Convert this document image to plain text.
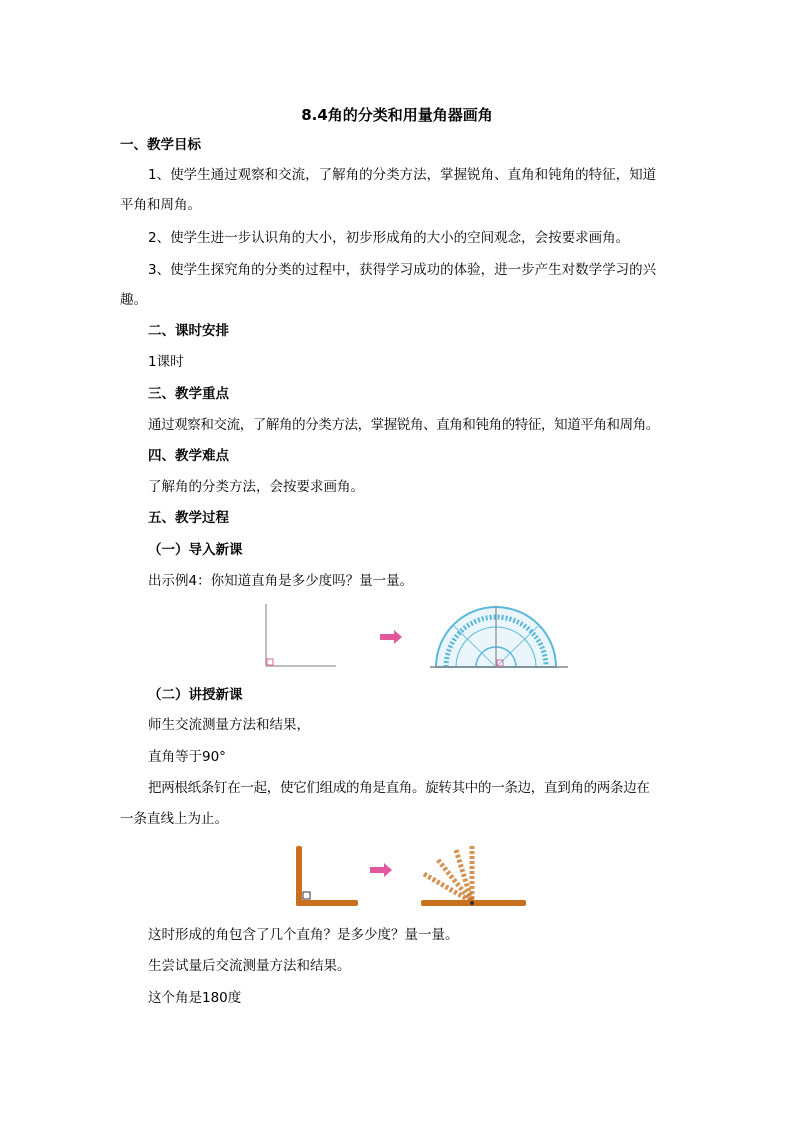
8.4角的分类和用量角器画角
一、教学目标
1、使学生通过观察和交流，了解角的分类方法，掌握锐角、直角和钝角的特征，知道
平角和周角。
2、使学生进一步认识角的大小，初步形成角的大小的空间观念，会按要求画角。
3、使学生探究角的分类的过程中，获得学习成功的体验，进一步产生对数学学习的兴
趣。
二、课时安排
1课时
三、教学重点
通过观察和交流，了解角的分类方法，掌握锐角、直角和钝角的特征，知道平角和周角。
四、教学难点
了解角的分类方法，会按要求画角。
五、教学过程
（一）导入新课
出示例4：你知道直角是多少度吗？量一量。
（二）讲授新课
师生交流测量方法和结果，
直角等于90°
把两根纸条钉在一起，使它们组成的角是直角。旋转其中的一条边，直到角的两条边在
一条直线上为止。
这时形成的角包含了几个直角？是多少度？量一量。
生尝试量后交流测量方法和结果。
这个角是180度
